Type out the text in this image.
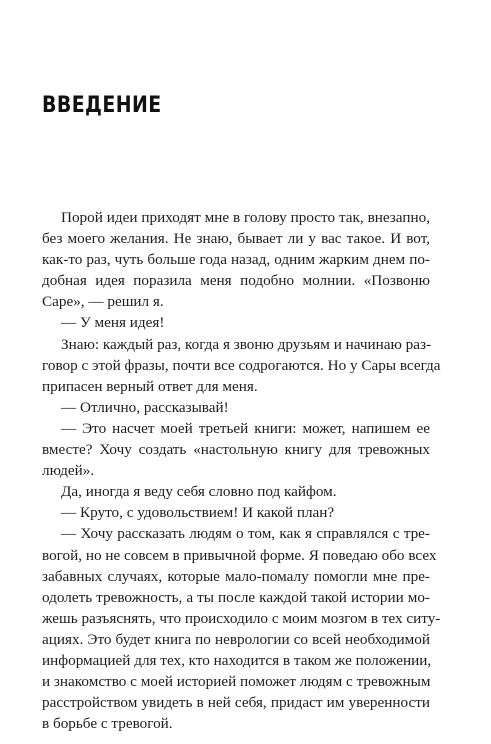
ВВЕДЕНИЕ
Порой идеи приходят мне в голову просто так, внезапно,
без моего желания. Не знаю, бывает ли у вас такое. И вот,
как-то раз, чуть больше года назад, одним жарким днем по-
добная идея поразила меня подобно молнии. «Позвоню
Саре», — решил я.
— У меня идея!
Знаю: каждый раз, когда я звоню друзьям и начинаю раз-
говор с этой фразы, почти все содрогаются. Но у Сары всегда
припасен верный ответ для меня.
— Отлично, рассказывай!
— Это насчет моей третьей книги: может, напишем ее
вместе? Хочу создать «настольную книгу для тревожных
людей».
Да, иногда я веду себя словно под кайфом.
— Круто, с удовольствием! И какой план?
— Хочу рассказать людям о том, как я справлялся с тре-
вогой, но не совсем в привычной форме. Я поведаю обо всех
забавных случаях, которые мало-помалу помогли мне пре-
одолеть тревожность, а ты после каждой такой истории мо-
жешь разъяснять, что происходило с моим мозгом в тех ситу-
ациях. Это будет книга по неврологии со всей необходимой
информацией для тех, кто находится в таком же положении,
и знакомство с моей историей поможет людям с тревожным
расстройством увидеть в ней себя, придаст им уверенности
в борьбе с тревогой.
